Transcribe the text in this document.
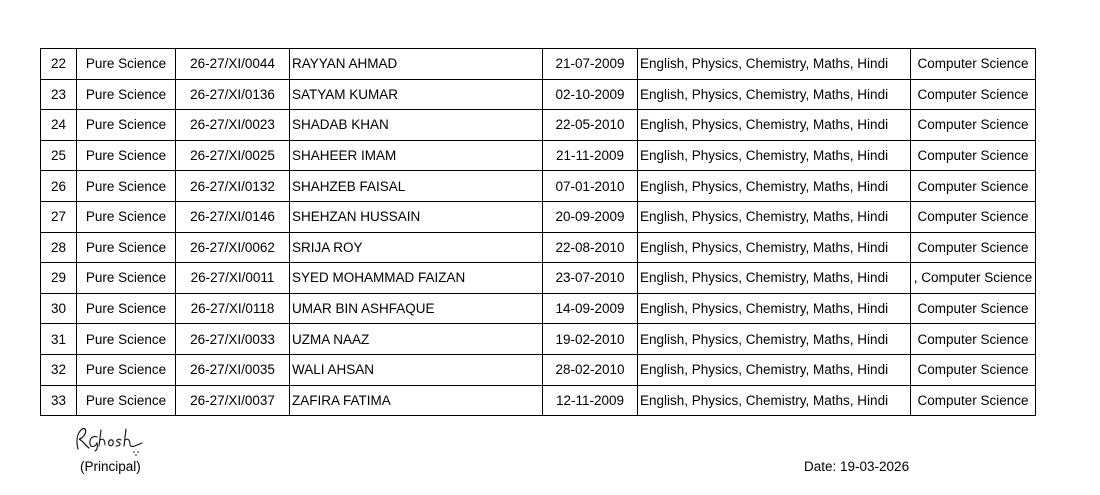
22	Pure Science	26-27/XI/0044	RAYYAN AHMAD	21-07-2009	English, Physics, Chemistry, Maths, Hindi	Computer Science
23	Pure Science	26-27/XI/0136	SATYAM KUMAR	02-10-2009	English, Physics, Chemistry, Maths, Hindi	Computer Science
24	Pure Science	26-27/XI/0023	SHADAB KHAN	22-05-2010	English, Physics, Chemistry, Maths, Hindi	Computer Science
25	Pure Science	26-27/XI/0025	SHAHEER IMAM	21-11-2009	English, Physics, Chemistry, Maths, Hindi	Computer Science
26	Pure Science	26-27/XI/0132	SHAHZEB FAISAL	07-01-2010	English, Physics, Chemistry, Maths, Hindi	Computer Science
27	Pure Science	26-27/XI/0146	SHEHZAN HUSSAIN	20-09-2009	English, Physics, Chemistry, Maths, Hindi	Computer Science
28	Pure Science	26-27/XI/0062	SRIJA ROY	22-08-2010	English, Physics, Chemistry, Maths, Hindi	Computer Science
29	Pure Science	26-27/XI/0011	SYED MOHAMMAD FAIZAN	23-07-2010	English, Physics, Chemistry, Maths, Hindi	, Computer Science
30	Pure Science	26-27/XI/0118	UMAR BIN ASHFAQUE	14-09-2009	English, Physics, Chemistry, Maths, Hindi	Computer Science
31	Pure Science	26-27/XI/0033	UZMA NAAZ	19-02-2010	English, Physics, Chemistry, Maths, Hindi	Computer Science
32	Pure Science	26-27/XI/0035	WALI AHSAN	28-02-2010	English, Physics, Chemistry, Maths, Hindi	Computer Science
33	Pure Science	26-27/XI/0037	ZAFIRA FATIMA	12-11-2009	English, Physics, Chemistry, Maths, Hindi	Computer Science
(Principal)	Date: 19-03-2026
